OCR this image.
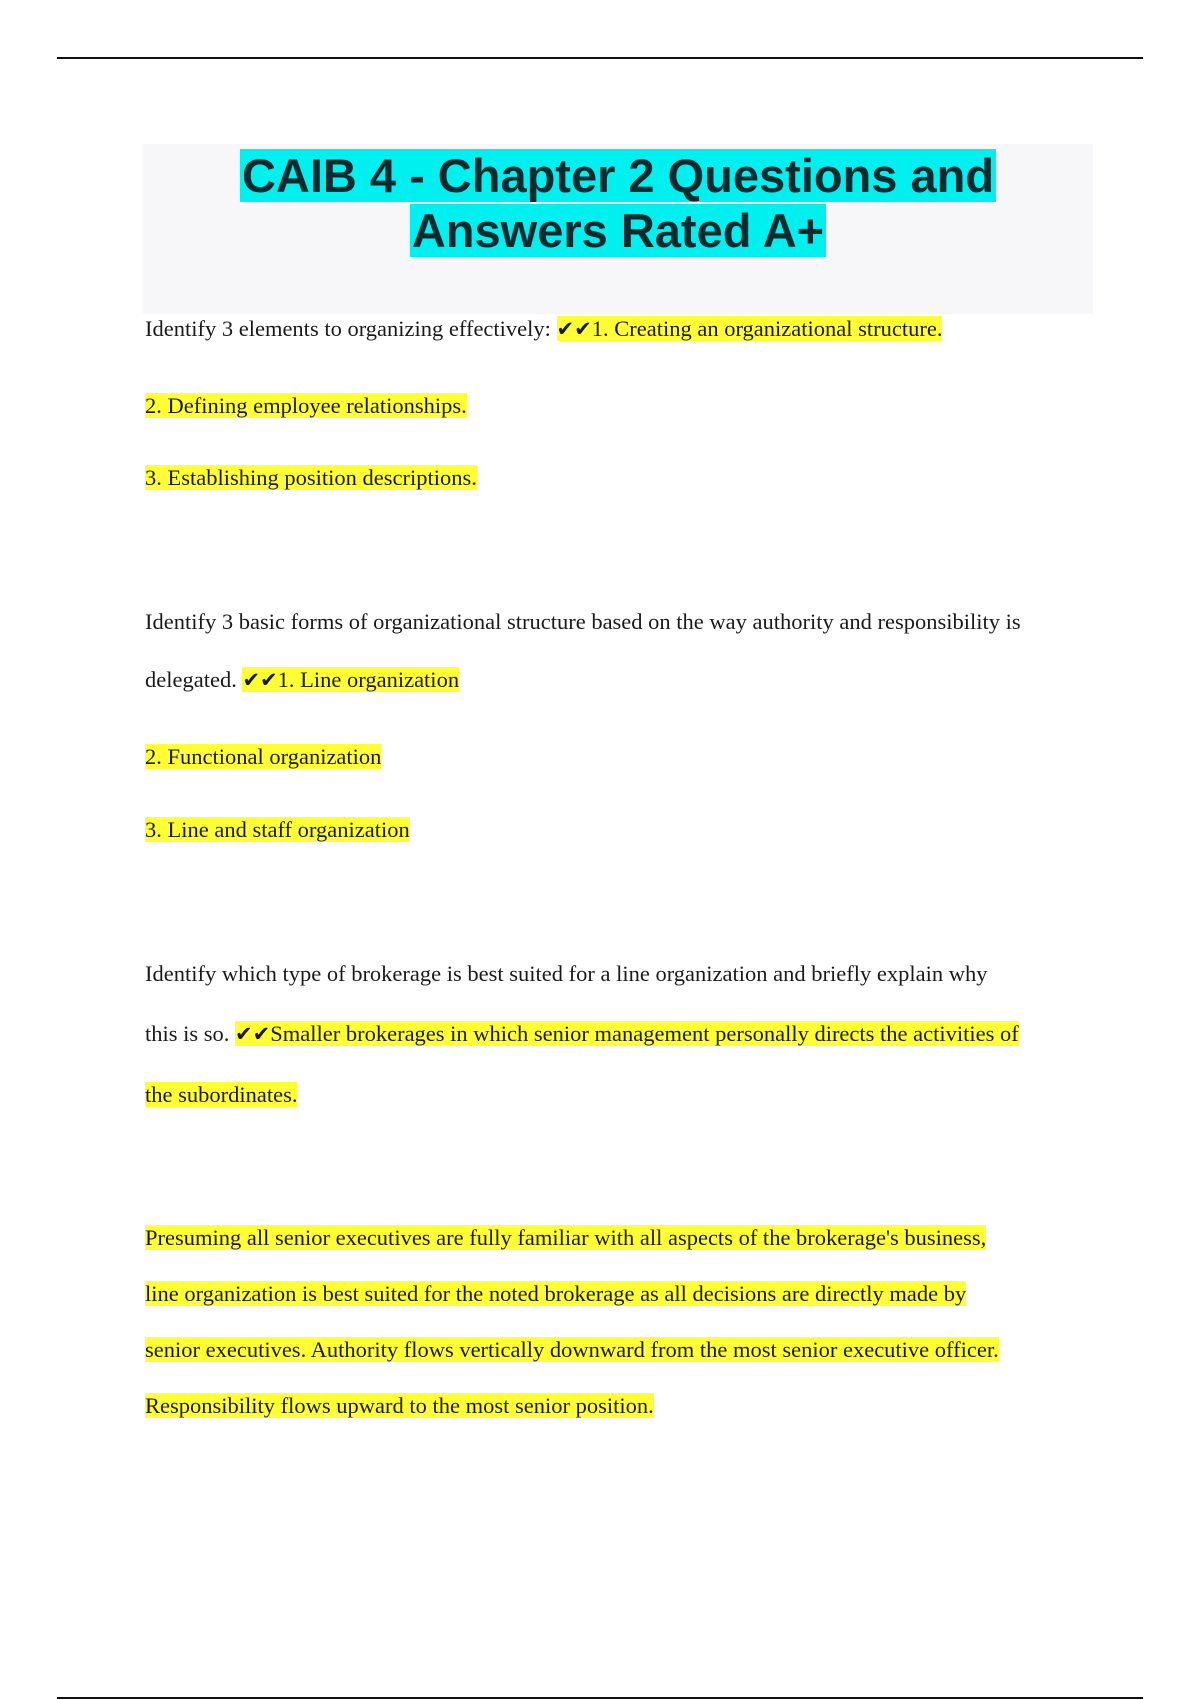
CAIB 4 - Chapter 2 Questions and
Answers Rated A+
Identify 3 elements to organizing effectively: ✔✔1. Creating an organizational structure.
2. Defining employee relationships.
3. Establishing position descriptions.
Identify 3 basic forms of organizational structure based on the way authority and responsibility is
delegated. ✔✔1. Line organization
2. Functional organization
3. Line and staff organization
Identify which type of brokerage is best suited for a line organization and briefly explain why
this is so. ✔✔Smaller brokerages in which senior management personally directs the activities of
the subordinates.
Presuming all senior executives are fully familiar with all aspects of the brokerage's business,
line organization is best suited for the noted brokerage as all decisions are directly made by
senior executives. Authority flows vertically downward from the most senior executive officer.
Responsibility flows upward to the most senior position.
